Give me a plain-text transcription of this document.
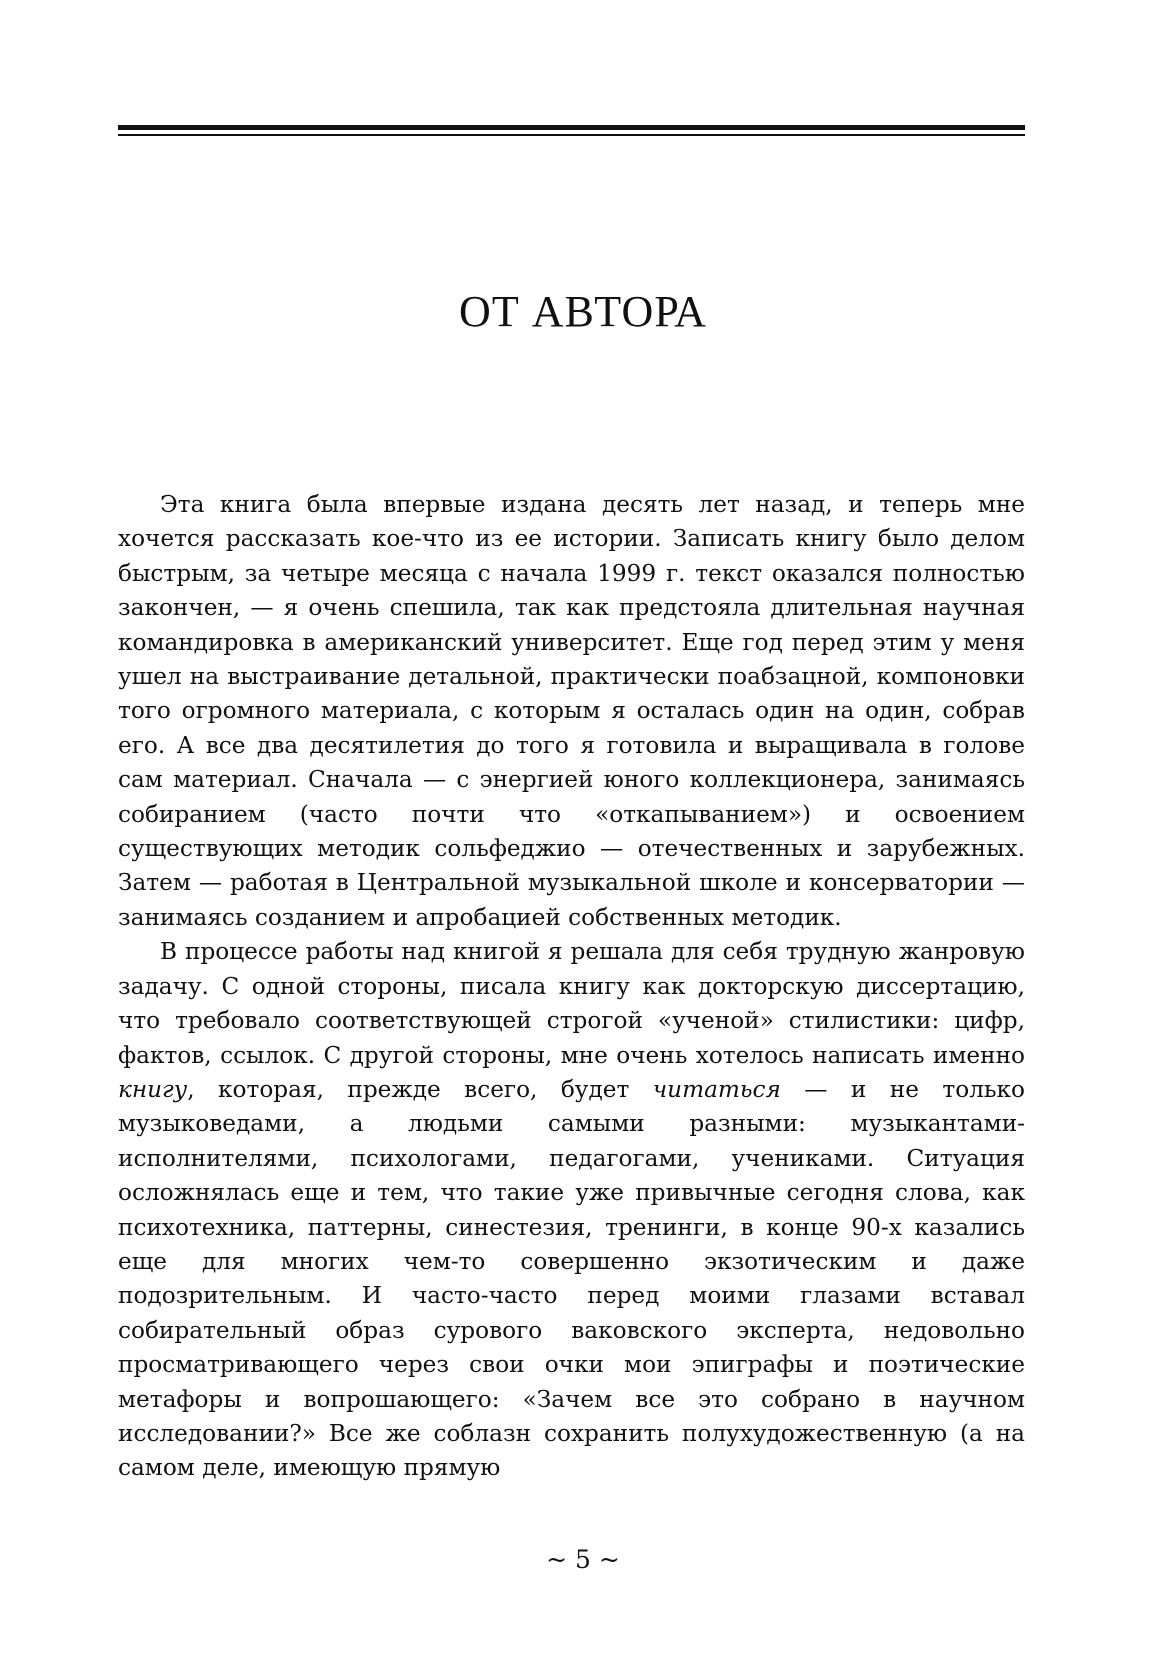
ОТ АВТОРА

Эта книга была впервые издана десять лет назад, и теперь мне хочется рассказать кое-что из ее истории. Записать книгу было делом быстрым, за четыре месяца с начала 1999 г. текст оказался полностью закончен, — я очень спешила, так как предстояла длительная научная командировка в американский университет. Еще год перед этим у меня ушел на выстраивание детальной, практически поабзацной, компоновки того огромного материала, с которым я осталась один на один, собрав его. А все два десятилетия до того я готовила и выращивала в голове сам материал. Сначала — с энергией юного коллекционера, занимаясь собиранием (часто почти что «откапыванием») и освоением существующих методик сольфеджио — отечественных и зарубежных. Затем — работая в Центральной музыкальной школе и консерватории — занимаясь созданием и апробацией собственных методик.

В процессе работы над книгой я решала для себя трудную жанровую задачу. С одной стороны, писала книгу как докторскую диссертацию, что требовало соответствующей строгой «ученой» стилистики: цифр, фактов, ссылок. С другой стороны, мне очень хотелось написать именно книгу, которая, прежде всего, будет читаться — и не только музыковедами, а людьми самыми разными: музыкантами-исполнителями, психологами, педагогами, учениками. Ситуация осложнялась еще и тем, что такие уже привычные сегодня слова, как психотехника, паттерны, синестезия, тренинги, в конце 90-х казались еще для многих чем-то совершенно экзотическим и даже подозрительным. И часто-часто перед моими глазами вставал собирательный образ сурового ваковского эксперта, недовольно просматривающего через свои очки мои эпиграфы и поэтические метафоры и вопрошающего: «Зачем все это собрано в научном исследовании?» Все же соблазн сохранить полухудожественную (а на самом деле, имеющую прямую

~ 5 ~
